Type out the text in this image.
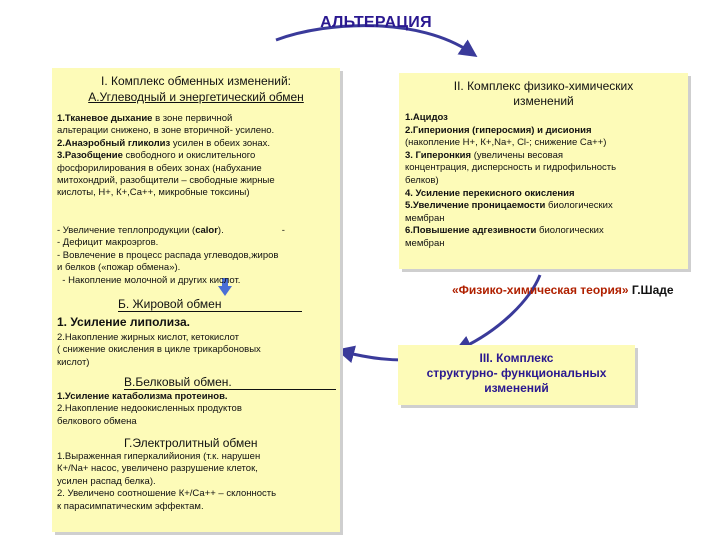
АЛЬТЕРАЦИЯ
I. Комплекс обменных изменений:
А.Углеводный и энергетический обмен

1.Тканевое дыхание в зоне первичной

альтерации снижено, в зоне вторичной- усилено.

2.Анаэробный гликолиз усилен в обеих зонах.

3.Разобщение свободного и окислительного

фосфорилирования в обеих зонах (набухание

митохондрий, разобщители – свободные жирные

кислоты, Н+, К+,Са++, микробные токсины)

- Увеличение теплопродукции (calor).                      -

- Дефицит макроэргов.

- Вовлечение в процесс распада углеводов,жиров

и белков («пожар обмена»).

- Накопление молочной и других кислот.

Б. Жировой обмен
1. Усиление липолиза.

2.Накопление жирных кислот, кетокислот

( снижение окисления в цикле трикарбоновых

кислот)

В.Белковый обмен.

1.Усиление катаболизма протеинов.

2.Накопление недоокисленных продуктов

белкового обмена

Г.Электролитный обмен

1.Выраженная гиперкалийиония (т.к. нарушен

К+/Na+ насос, увеличено разрушение клеток,

усилен распад белка).

2. Увеличено соотношение К+/Са++ – склонность

к парасимпатическим эффектам.

II. Комплекс физико-химических
изменений

1.Ацидоз

2.Гипериония (гиперосмия) и дисиония

(накопление Н+, К+,Na+, Сl-; снижение Са++)

3. Гиперонкия (увеличены весовая

концентрация, дисперсность и гидрофильность

белков)

4. Усиление перекисного окисления

5.Увеличение проницаемости биологических

мембран

6.Повышение адгезивности биологических

мембран

«Физико-химическая теория» Г.Шаде
III. Комплекс
структурно- функциональных
изменений
